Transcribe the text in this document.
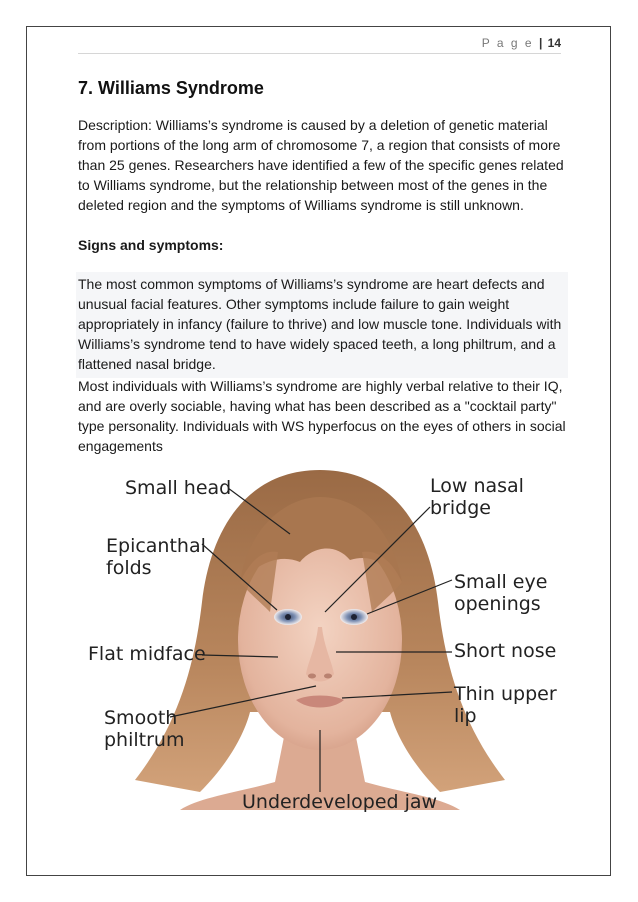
P a g e | 14
7. Williams Syndrome

Description: Williams’s syndrome is caused by a deletion of genetic material from portions of the long arm of chromosome 7, a region that consists of more than 25 genes. Researchers have identified a few of the specific genes related to Williams syndrome, but the relationship between most of the genes in the deleted region and the symptoms of Williams syndrome is still unknown.

Signs and symptoms:

The most common symptoms of Williams’s syndrome are heart defects and unusual facial features. Other symptoms include failure to gain weight appropriately in infancy (failure to thrive) and low muscle tone. Individuals with Williams’s syndrome tend to have widely spaced teeth, a long philtrum, and a flattened nasal bridge.

Most individuals with Williams’s syndrome are highly verbal relative to their IQ, and are overly sociable, having what has been described as a "cocktail party" type personality. Individuals with WS hyperfocus on the eyes of others in social engagements

Small head	Low nasal
bridge
Epicanthal
folds
Small eye
openings
Flat midface	Short nose
Thin upper
lip
Smooth
philtrum
Underdeveloped jaw
